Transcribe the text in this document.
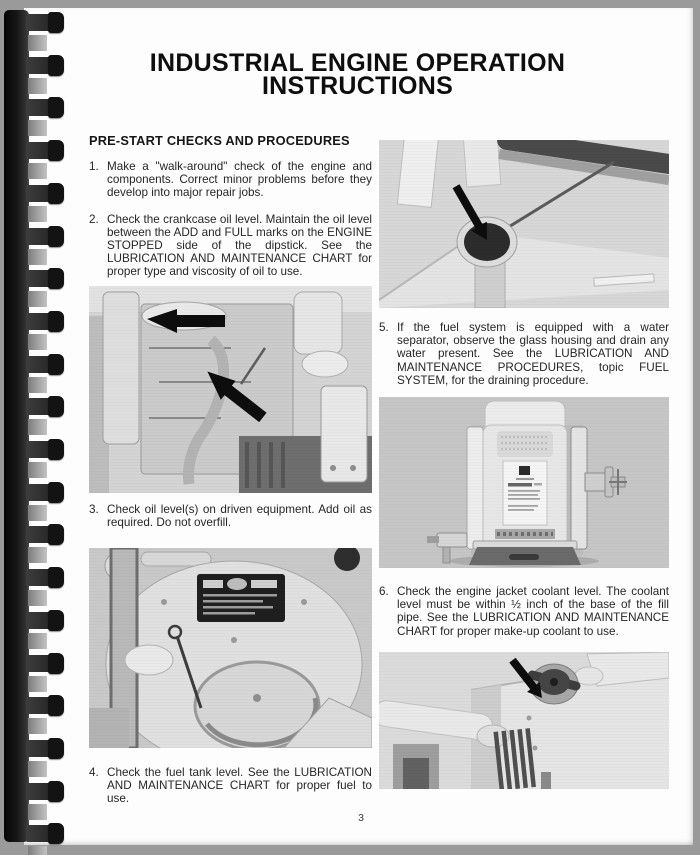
INDUSTRIAL ENGINE OPERATION
INSTRUCTIONS
PRE-START CHECKS AND PROCEDURES
1. Make a "walk-around" check of the engine and components. Correct minor problems before they develop into major repair jobs.
2. Check the crankcase oil level. Maintain the oil level between the ADD and FULL marks on the ENGINE STOPPED side of the dipstick. See the LUBRICATION AND MAINTENANCE CHART for proper type and viscosity of oil to use.
3. Check oil level(s) on driven equipment. Add oil as required. Do not overfill.
4. Check the fuel tank level. See the LUBRICATION AND MAINTENANCE CHART for proper fuel to use.
5. If the fuel system is equipped with a water separator, observe the glass housing and drain any water present. See the LUBRICATION AND MAINTENANCE PROCEDURES, topic FUEL SYSTEM, for the draining procedure.
6. Check the engine jacket coolant level. The coolant level must be within ½ inch of the base of the fill pipe. See the LUBRICATION AND MAINTENANCE CHART for proper make-up coolant to use.
3
